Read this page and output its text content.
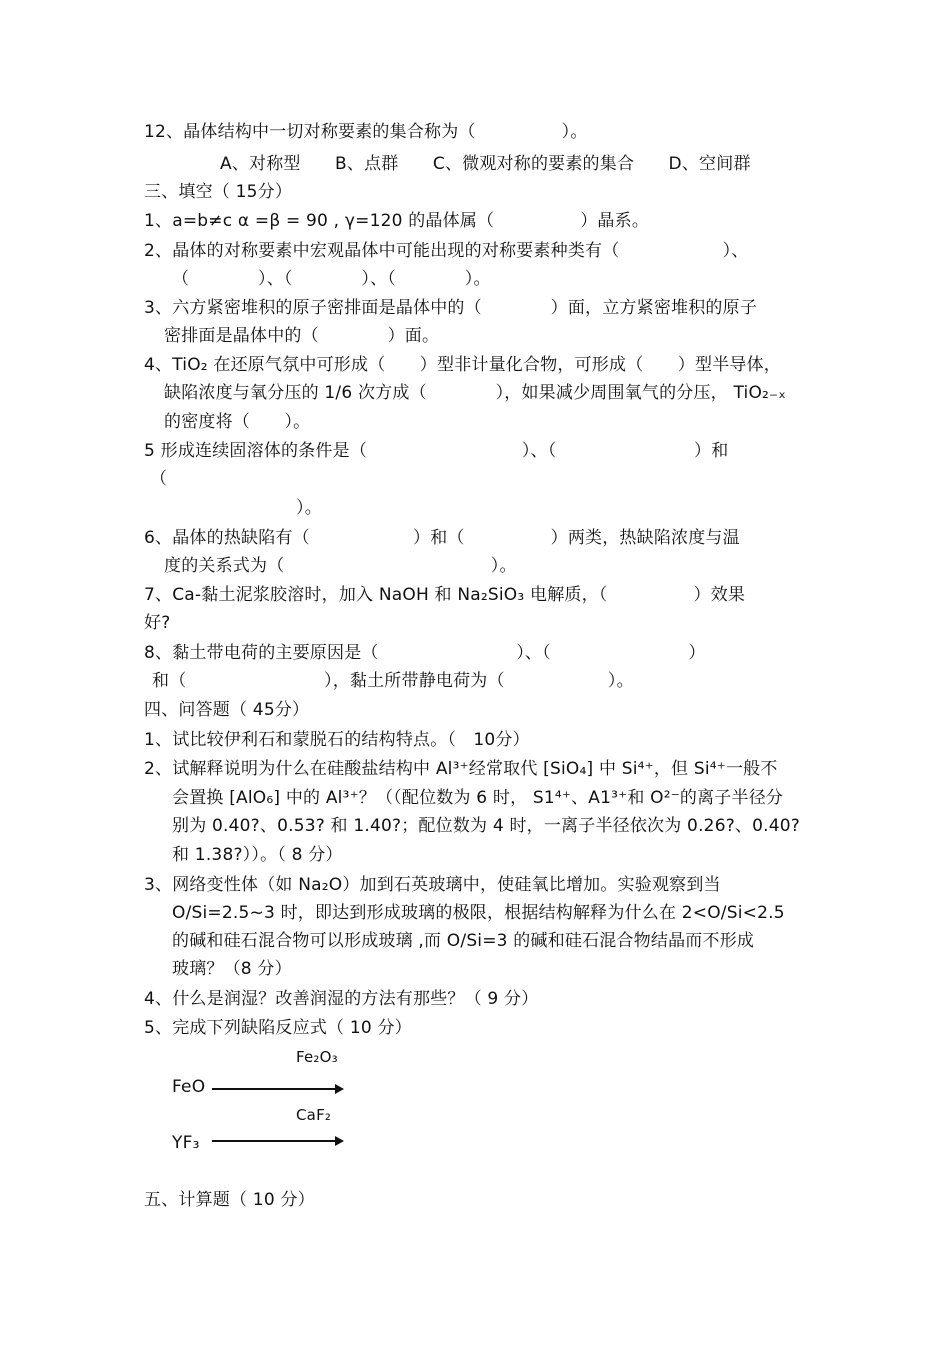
12、晶体结构中一切对称要素的集合称为（　　　　　）。
A、对称型　　B、点群　　C、微观对称的要素的集合　　D、空间群
三、填空（ 15分）
1、a=b≠c α =β = 90 , γ=120 的晶体属（　　　　　）晶系。
2、晶体的对称要素中宏观晶体中可能出现的对称要素种类有（　　　　　　）、
（　　　　）、（　　　　）、（　　　　）。
3、六方紧密堆积的原子密排面是晶体中的（　　　　）面，立方紧密堆积的原子
密排面是晶体中的（　　　　）面。
4、TiO₂ 在还原气氛中可形成（　　）型非计量化合物，可形成（　　）型半导体，
缺陷浓度与氧分压的 1/6 次方成（　　　　），如果减少周围氧气的分压， TiO₂₋ₓ
的密度将（　　）。
5 形成连续固溶体的条件是（　　　　　　　　　）、（　　　　　　　　）和
（
）。
6、晶体的热缺陷有（　　　　　　）和（　　　　　）两类，热缺陷浓度与温
度的关系式为（　　　　　　　　　　　　）。
7、Ca-黏土泥浆胶溶时，加入 NaOH 和 Na₂SiO₃ 电解质，（　　　　　）效果
好?
8、黏土带电荷的主要原因是（　　　　　　　　）、（　　　　　　　　）
和（　　　　　　　　），黏土所带静电荷为（　　　　　　）。
四、问答题（ 45分）
1、试比较伊利石和蒙脱石的结构特点。（　10分）
2、试解释说明为什么在硅酸盐结构中 Al³⁺经常取代 [SiO₄] 中 Si⁴⁺，但 Si⁴⁺一般不
会置换 [AlO₆] 中的 Al³⁺？（（配位数为 6 时， S1⁴⁺、A1³⁺和 O²⁻的离子半径分
别为 0.40?、0.53? 和 1.40?；配位数为 4 时，一离子半径依次为 0.26?、0.40?
和 1.38?））。（ 8 分）
3、网络变性体（如 Na₂O）加到石英玻璃中，使硅氧比增加。实验观察到当
O/Si=2.5~3 时，即达到形成玻璃的极限，根据结构解释为什么在 2<O/Si<2.5
的碱和硅石混合物可以形成玻璃 ,而 O/Si=3 的碱和硅石混合物结晶而不形成
玻璃？（8 分）
4、什么是润湿？改善润湿的方法有那些？（ 9 分）
5、完成下列缺陷反应式（ 10 分）
Fe₂O₃
FeO
CaF₂
YF₃
五、计算题（ 10 分）
